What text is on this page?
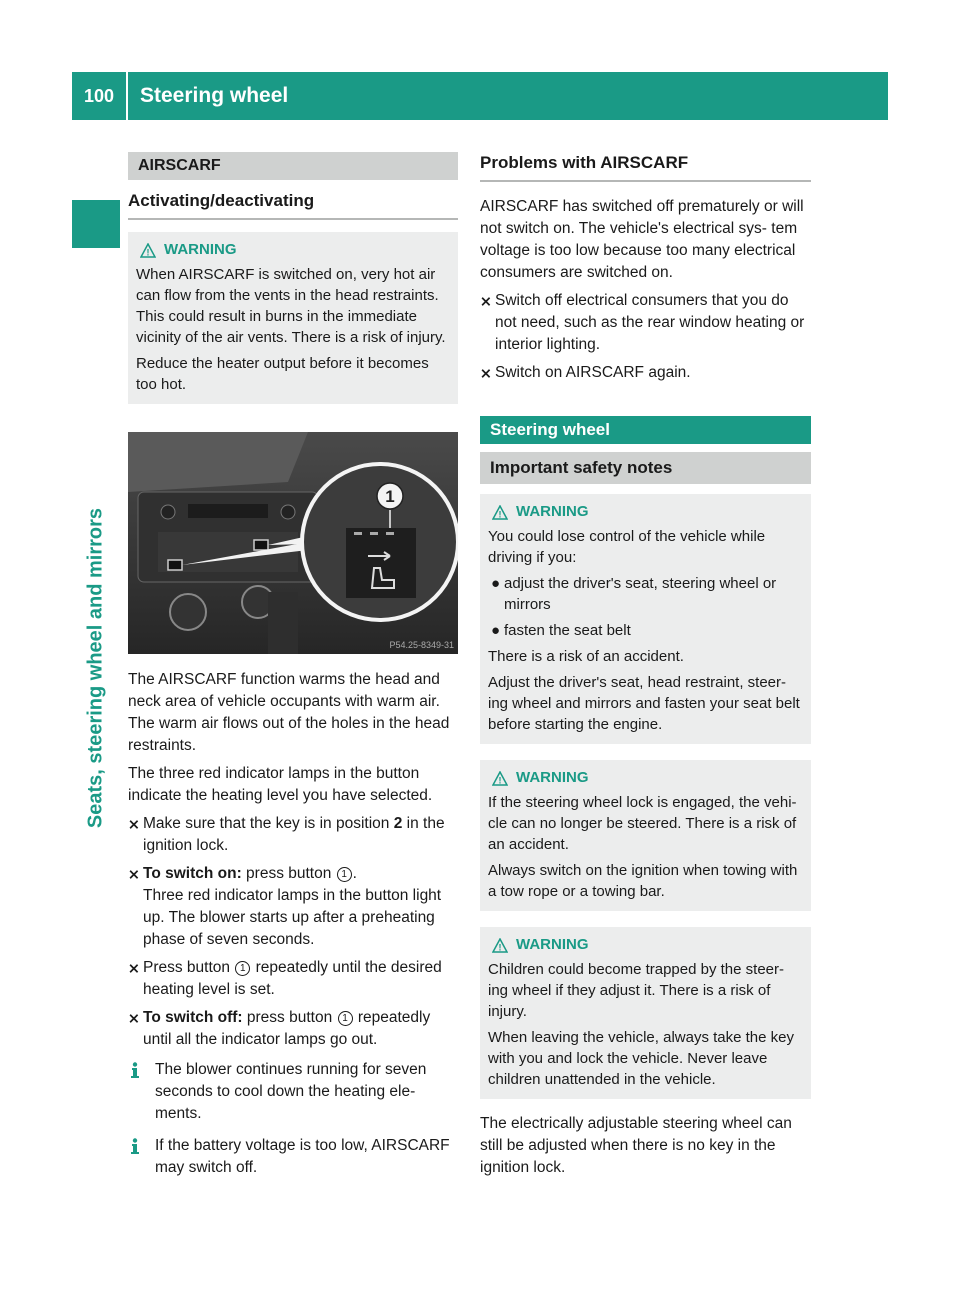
100	Steering wheel
Seats, steering wheel and mirrors
AIRSCARF
Activating/deactivating
! WARNING

When AIRSCARF is switched on, very hot air can flow from the vents in the head restraints. This could result in burns in the immediate vicinity of the air vents. There is a risk of injury.

Reduce the heater output before it becomes too hot.

1
P54.25-8349-31

The AIRSCARF function warms the head and neck area of vehicle occupants with warm air. The warm air flows out of the holes in the head restraints.

The three red indicator lamps in the button indicate the heating level you have selected.

⨯ Make sure that the key is in position 2 in the ignition lock.

⨯ To switch on: press button 1 .

Three red indicator lamps in the button light up. The blower starts up after a preheating phase of seven seconds.

⨯ Press button 1 repeatedly until the desired heating level is set.

⨯ To switch off: press button 1 repeatedly until all the indicator lamps go out.

The blower continues running for seven seconds to cool down the heating ele- ments.

If the battery voltage is too low, AIRSCARF may switch off.

Problems with AIRSCARF

AIRSCARF has switched off prematurely or will not switch on. The vehicle's electrical sys- tem voltage is too low because too many electrical consumers are switched on.

⨯ Switch off electrical consumers that you do not need, such as the rear window heating or interior lighting.

⨯ Switch on AIRSCARF again.

Steering wheel
Important safety notes
! WARNING

You could lose control of the vehicle while driving if you:

● adjust the driver's seat, steering wheel or mirrors

● fasten the seat belt

There is a risk of an accident.

Adjust the driver's seat, head restraint, steer- ing wheel and mirrors and fasten your seat belt before starting the engine.

! WARNING

If the steering wheel lock is engaged, the vehi- cle can no longer be steered. There is a risk of an accident.

Always switch on the ignition when towing with a tow rope or a towing bar.

! WARNING

Children could become trapped by the steer- ing wheel if they adjust it. There is a risk of injury.

When leaving the vehicle, always take the key with you and lock the vehicle. Never leave children unattended in the vehicle.

The electrically adjustable steering wheel can still be adjusted when there is no key in the ignition lock.
